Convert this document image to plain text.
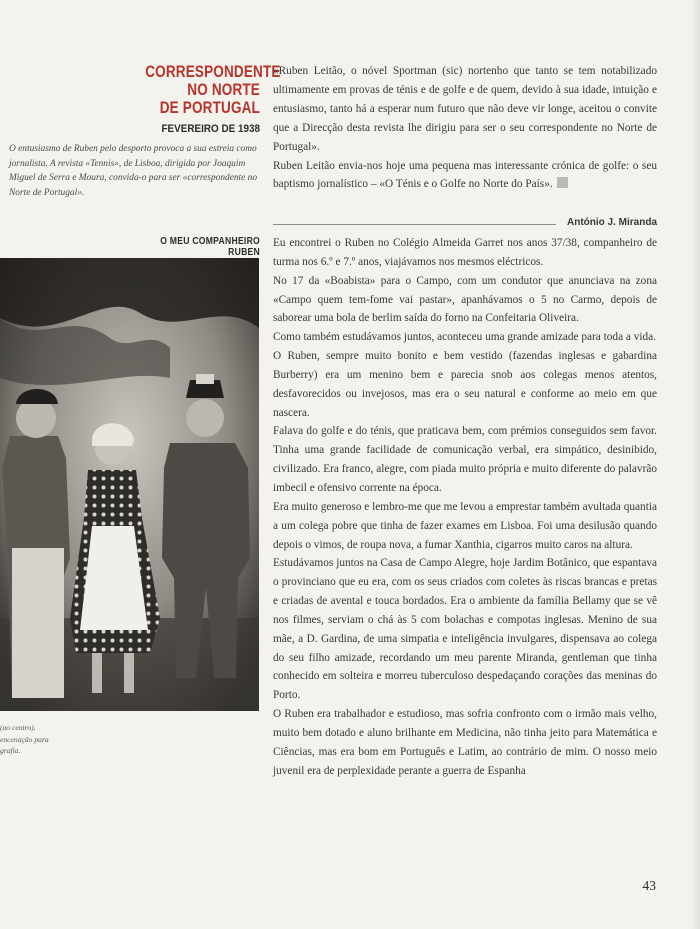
CORRESPONDENTE
NO NORTE
DE PORTUGAL
FEVEREIRO DE 1938
O entusiasmo de Ruben pelo desporto provoca a sua estreia como jornalista. A revista «Tennis», de Lisboa, dirigida por Joaquim Miguel de Serra e Moura, convida-o para ser «correspondente no Norte de Portugal».
O MEU COMPANHEIRO RUBEN
(ao centro),
encenação para
grafia.

«Ruben Leitão, o nóvel Sportman (sic) nortenho que tanto se tem notabilizado ultimamente em provas de ténis e de golfe e de quem, devido à sua idade, intuição e entusiasmo, tanto há a esperar num futuro que não deve vir longe, aceitou o convite que a Direcção desta revista lhe dirigiu para ser o seu correspondente no Norte de Portugal».

Ruben Leitão envia-nos hoje uma pequena mas interessante crónica de golfe: o seu baptismo jornalístico – «O Ténis e o Golfe no Norte do País».

António J. Miranda

Eu encontrei o Ruben no Colégio Almeida Garret nos anos 37/38, companheiro de turma nos 6.º e 7.º anos, viajávamos nos mesmos eléctricos.

No 17 da «Boabista» para o Campo, com um condutor que anunciava na zona «Campo quem tem-fome vai pastar», apanhávamos o 5 no Carmo, depois de saborear uma bola de berlim saída do forno na Confeitaria Oliveira.

Como também estudávamos juntos, aconteceu uma grande amizade para toda a vida.

O Ruben, sempre muito bonito e bem vestido (fazendas inglesas e gabardina Burberry) era um menino bem e parecia snob aos colegas menos atentos, desfavorecidos ou invejosos, mas era o seu natural e conforme ao meio em que nascera.

Falava do golfe e do ténis, que praticava bem, com prémios conseguidos sem favor. Tinha uma grande facilidade de comunicação verbal, era simpático, desinibido, civilizado. Era franco, alegre, com piada muito própria e muito diferente do palavrão imbecil e ofensivo corrente na época.

Era muito generoso e lembro-me que me levou a emprestar também avultada quantia a um colega pobre que tinha de fazer exames em Lisboa. Foi uma desilusão quando depois o vimos, de roupa nova, a fumar Xanthia, cigarros muito caros na altura.

Estudávamos juntos na Casa de Campo Alegre, hoje Jardim Botânico, que espantava o provinciano que eu era, com os seus criados com coletes às riscas brancas e pretas e criadas de avental e touca bordados. Era o ambiente da família Bellamy que se vê nos filmes, serviam o chá às 5 com bolachas e compotas inglesas. Menino de sua mãe, a D. Gardina, de uma simpatia e inteligência invulgares, dispensava ao colega do seu filho amizade, recordando um meu parente Miranda, gentleman que tinha conhecido em solteira e morreu tuberculoso despedaçando corações das meninas do Porto.

O Ruben era trabalhador e estudioso, mas sofria confronto com o irmão mais velho, muito bem dotado e aluno brilhante em Medicina, não tinha jeito para Matemática e Ciências, mas era bom em Português e Latim, ao contrário de mim. O nosso meio juvenil era de perplexidade perante a guerra de Espanha

43
